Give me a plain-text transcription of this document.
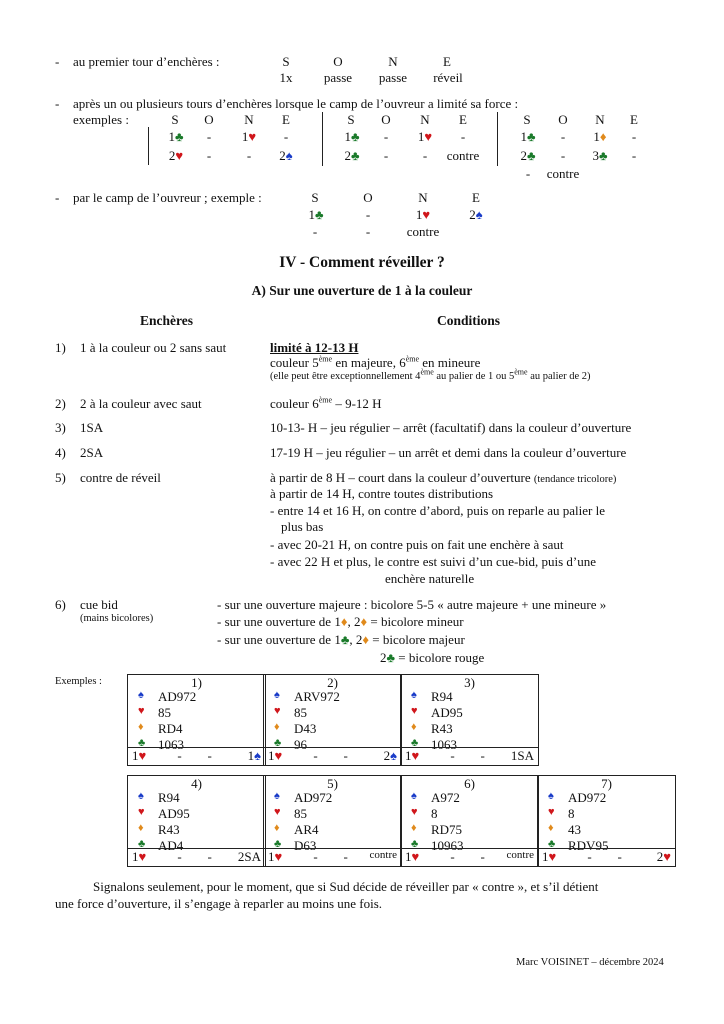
- au premier tour d’enchères :	S	O	N	E
1x	passe	passe	réveil
- après un ou plusieurs tours d’enchères lorsque le camp de l’ouvreur a limité sa force :
exemples :	S	O	N	E
1♣	-	1♥	-
2♥	-	-	2♠
S	O	N	E
1♣	-	1♥	-
2♣	-	-	contre
S	O	N	E
1♣	-	1♦	-
2♣	-	3♣	-
-	contre
- par le camp de l’ouvreur ; exemple :	S	O	N	E
1♣	-	1♥	2♠
-	-	contre
IV - Comment réveiller ?
A) Sur une ouverture de 1 à la couleur
Enchères	Conditions
1) 1 à la couleur ou 2 sans saut	limité à 12-13 H
couleur 5ème en majeure, 6ème en mineure
(elle peut être exceptionnellement 4ème au palier de 1 ou 5ème au palier de 2)
2) 2 à la couleur avec saut	couleur 6ème – 9-12 H
3) 1SA	10-13- H – jeu régulier – arrêt (facultatif) dans la couleur d’ouverture
4) 2SA	17-19 H – jeu régulier – un arrêt et demi dans la couleur d’ouverture
5) contre de réveil	à partir de 8 H – court dans la couleur d’ouverture (tendance tricolore)
à partir de 14 H, contre toutes distributions
- entre 14 et 16 H, on contre d’abord, puis on reparle au palier le
plus bas
- avec 20-21 H, on contre puis on fait une enchère à saut
- avec 22 H et plus, le contre est suivi d’un cue-bid, puis d’une
enchère naturelle
6) cue bid
(mains bicolores)
- sur une ouverture majeure : bicolore 5-5 « autre majeure + une mineure »
- sur une ouverture de 1♦, 2♦ = bicolore mineur
- sur une ouverture de 1♣, 2♦ = bicolore majeur
2♣ = bicolore rouge
Exemples :	1)
♠ AD972
♥ 85
♦ RD4
♣ 1063
1♥ - -	1♠
2)
♠ ARV972
♥ 85
♦ D43
♣ 96
1♥ - -	2♠
3)
♠ R94
♥ AD95
♦ R43
♣ 1063
1♥ - - 1SA
4)
♠ R94
♥ AD95
♦ R43
♣ AD4
1♥ - - 2SA
5)
♠ AD972
♥ 85
♦ AR4
♣ D63
1♥ - - contre
6)
♠ A972
♥ 8
♦ RD75
♣ 10963
1♥ - - contre
7)
♠ AD972
♥ 8
♦ 43
♣ RDV95
1♥ - -	2♥
Signalons seulement, pour le moment, que si Sud décide de réveiller par « contre », et s’il détient
une force d’ouverture, il s’engage à reparler au moins une fois.
Marc VOISINET – décembre 2024
